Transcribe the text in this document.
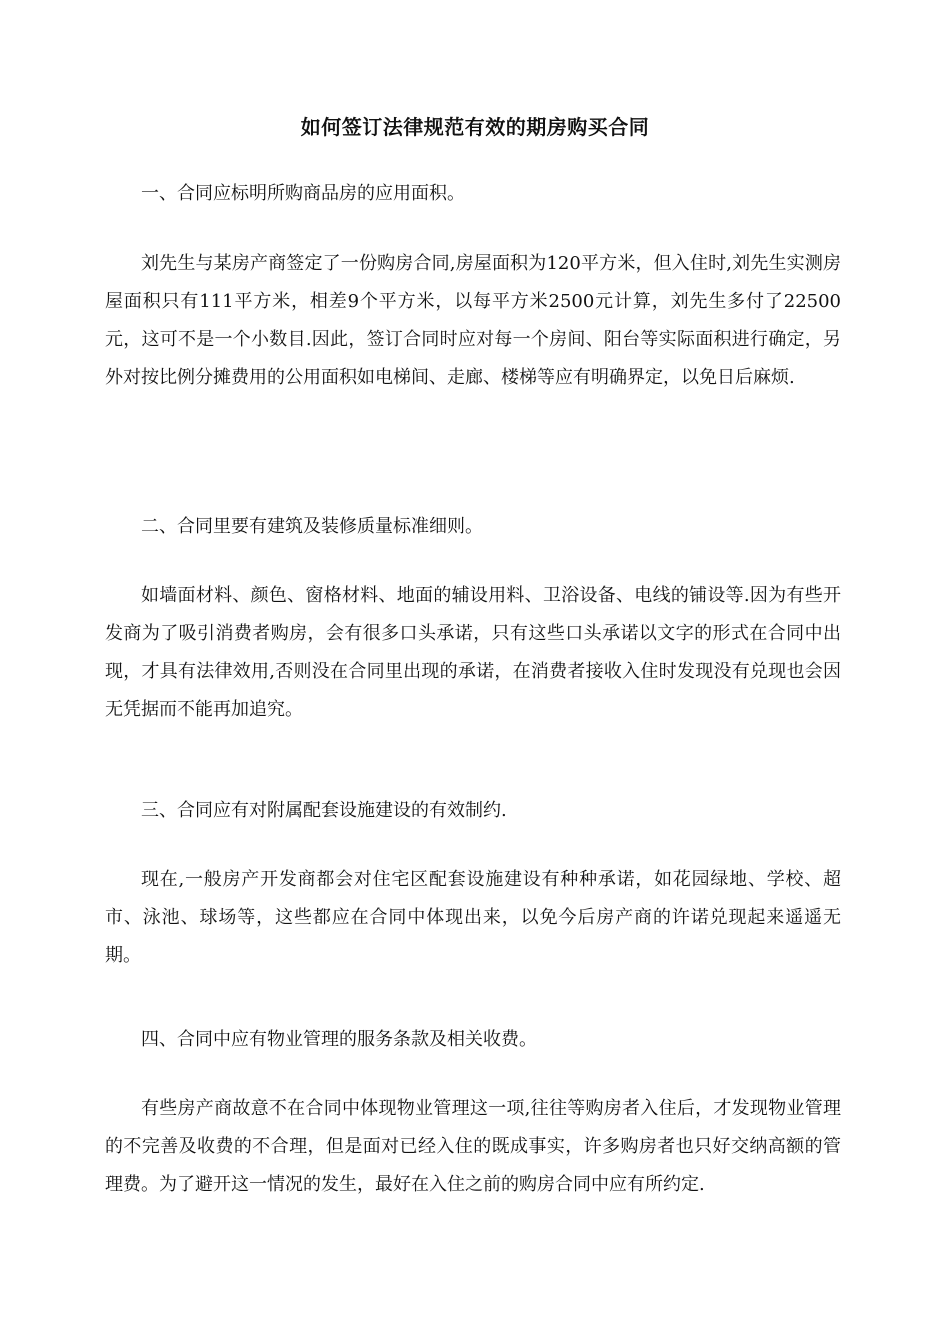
如何签订法律规范有效的期房购买合同

一、合同应标明所购商品房的应用面积。

刘先生与某房产商签定了一份购房合同,房屋面积为120平方米，但入住时,刘先生实测房屋面积只有111平方米，相差9个平方米，以每平方米2500元计算，刘先生多付了22500元，这可不是一个小数目.因此，签订合同时应对每一个房间、阳台等实际面积进行确定，另外对按比例分摊费用的公用面积如电梯间、走廊、楼梯等应有明确界定，以免日后麻烦.

二、合同里要有建筑及装修质量标准细则。

如墙面材料、颜色、窗格材料、地面的辅设用料、卫浴设备、电线的铺设等.因为有些开发商为了吸引消费者购房，会有很多口头承诺，只有这些口头承诺以文字的形式在合同中出现，才具有法律效用,否则没在合同里出现的承诺，在消费者接收入住时发现没有兑现也会因无凭据而不能再加追究。

三、合同应有对附属配套设施建设的有效制约.

现在,一般房产开发商都会对住宅区配套设施建设有种种承诺，如花园绿地、学校、超市、泳池、球场等，这些都应在合同中体现出来，以免今后房产商的许诺兑现起来遥遥无期。

四、合同中应有物业管理的服务条款及相关收费。

有些房产商故意不在合同中体现物业管理这一项,往往等购房者入住后，才发现物业管理的不完善及收费的不合理，但是面对已经入住的既成事实，许多购房者也只好交纳高额的管理费。为了避开这一情况的发生，最好在入住之前的购房合同中应有所约定.
